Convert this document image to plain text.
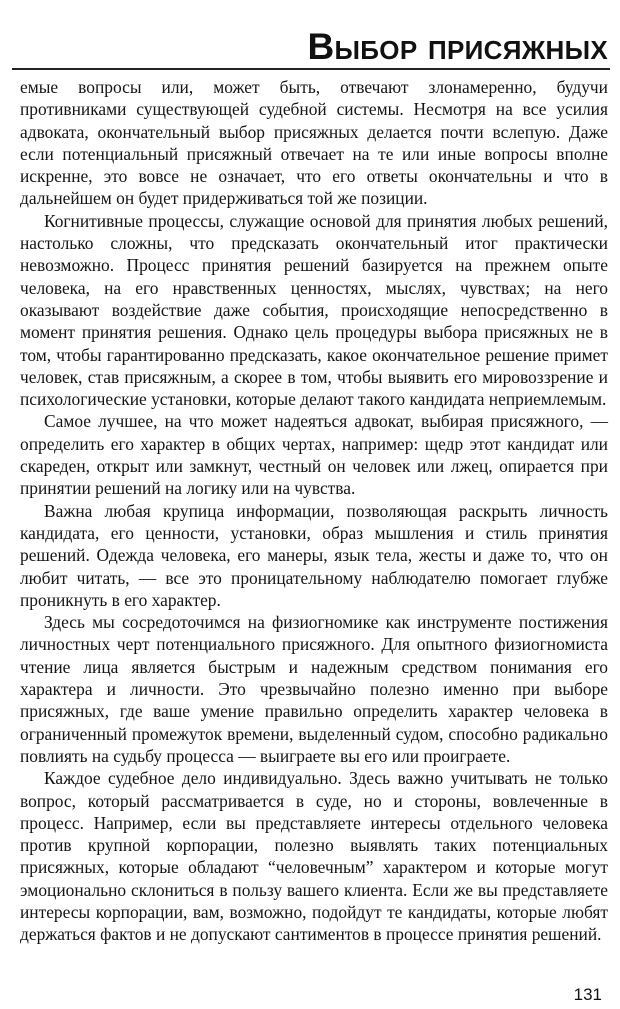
Выбор присяжных

емые вопросы или, может быть, отвечают злонамеренно, будучи противниками существующей судебной системы. Несмотря на все усилия адвоката, окончательный выбор присяжных делается почти вслепую. Даже если потенциальный присяжный отвечает на те или иные вопросы вполне искренне, это вовсе не означает, что его ответы окончательны и что в дальнейшем он будет придерживаться той же позиции.

Когнитивные процессы, служащие основой для принятия любых решений, настолько сложны, что предсказать окончательный итог практически невозможно. Процесс принятия решений базируется на прежнем опыте человека, на его нравственных ценностях, мыслях, чувствах; на него оказывают воздействие даже события, происходящие непосредственно в момент принятия решения. Однако цель процедуры выбора присяжных не в том, чтобы гарантированно предсказать, какое окончательное решение примет человек, став присяжным, а скорее в том, чтобы выявить его мировоззрение и психологические установки, которые делают такого кандидата неприемлемым.

Самое лучшее, на что может надеяться адвокат, выбирая присяжного, — определить его характер в общих чертах, например: щедр этот кандидат или скареден, открыт или замкнут, честный он человек или лжец, опирается при принятии решений на логику или на чувства.

Важна любая крупица информации, позволяющая раскрыть личность кандидата, его ценности, установки, образ мышления и стиль принятия решений. Одежда человека, его манеры, язык тела, жесты и даже то, что он любит читать, — все это проницательному наблюдателю помогает глубже проникнуть в его характер.

Здесь мы сосредоточимся на физиогномике как инструменте постижения личностных черт потенциального присяжного. Для опытного физиогномиста чтение лица является быстрым и надежным средством понимания его характера и личности. Это чрезвычайно полезно именно при выборе присяжных, где ваше умение правильно определить характер человека в ограниченный промежуток времени, выделенный судом, способно радикально повлиять на судьбу процесса — выиграете вы его или проиграете.

Каждое судебное дело индивидуально. Здесь важно учитывать не только вопрос, который рассматривается в суде, но и стороны, вовлеченные в процесс. Например, если вы представляете интересы отдельного человека против крупной корпорации, полезно выявлять таких потенциальных присяжных, которые обладают “человечным” характером и которые могут эмоционально склониться в пользу вашего клиента. Если же вы представляете интересы корпорации, вам, возможно, подойдут те кандидаты, которые любят держаться фактов и не допускают сантиментов в процессе принятия решений.

131
